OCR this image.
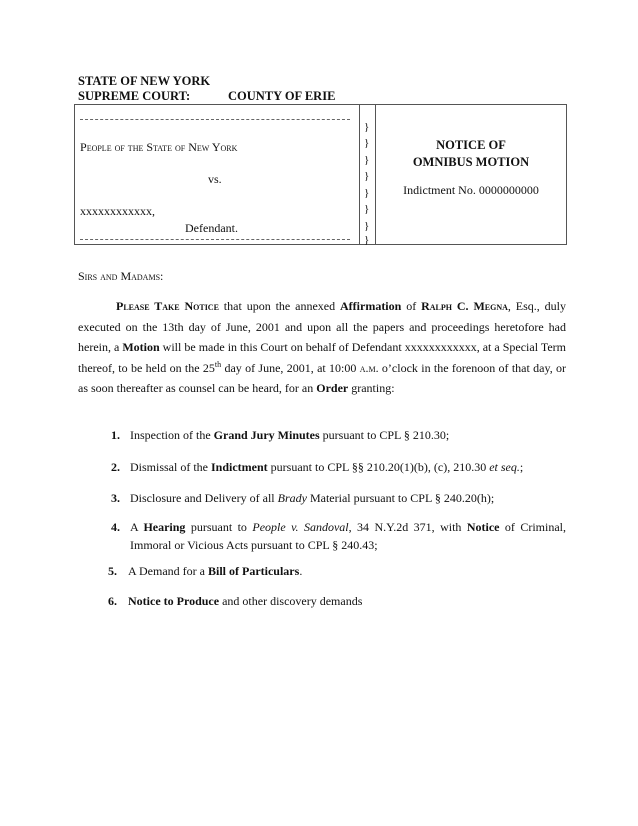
STATE OF NEW YORK
SUPREME COURT:	COUNTY OF ERIE
People of the State of New York
vs.
xxxxxxxxxxxx,
Defendant.
}
}
}
}
}
}
}
}
NOTICE OF
OMNIBUS MOTION
Indictment No. 0000000000
Sirs and Madams:
Please Take Notice that upon the annexed Affirmation of Ralph C. Megna, Esq., duly executed on the 13th day of June, 2001 and upon all the papers and proceedings heretofore had herein, a Motion will be made in this Court on behalf of Defendant xxxxxxxxxxxx, at a Special Term thereof, to be held on the 25th day of June, 2001, at 10:00 a.m. o’clock in the forenoon of that day, or as soon thereafter as counsel can be heard, for an Order granting:
1. Inspection of the Grand Jury Minutes pursuant to CPL § 210.30;
2. Dismissal of the Indictment pursuant to CPL §§ 210.20(1)(b), (c), 210.30 et seq.;
3. Disclosure and Delivery of all Brady Material pursuant to CPL § 240.20(h);
4. A Hearing pursuant to People v. Sandoval, 34 N.Y.2d 371, with Notice of Criminal, Immoral or Vicious Acts pursuant to CPL § 240.43;
5. A Demand for a Bill of Particulars.
6. Notice to Produce and other discovery demands
